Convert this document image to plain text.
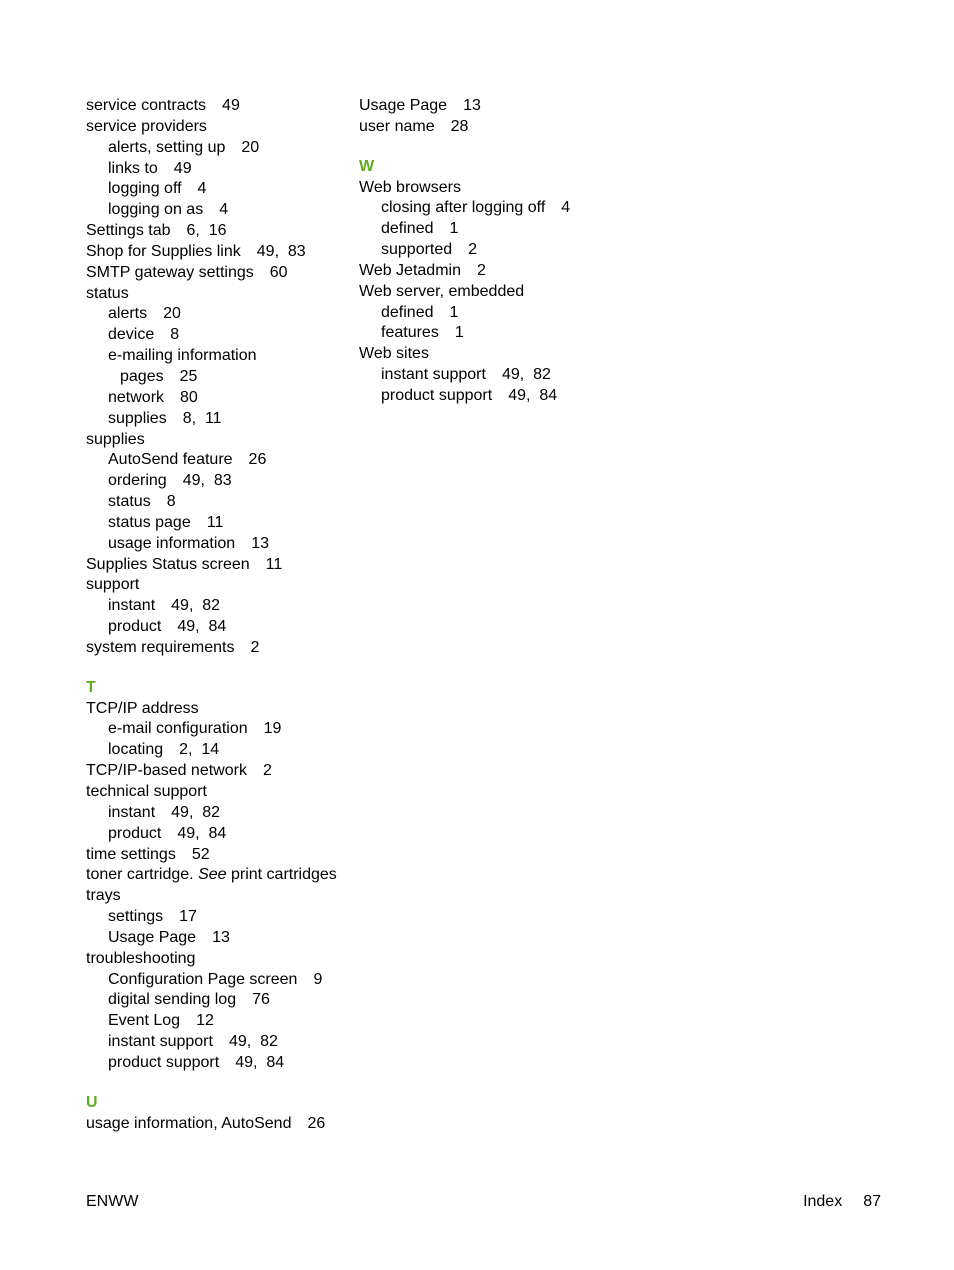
service contracts 49
service providers
alerts, setting up 20
links to 49
logging off 4
logging on as 4
Settings tab 6,  16
Shop for Supplies link 49,  83
SMTP gateway settings 60
status
alerts 20
device 8
e-mailing information
pages 25
network 80
supplies 8,  11
supplies
AutoSend feature 26
ordering 49,  83
status 8
status page 11
usage information 13
Supplies Status screen 11
support
instant 49,  82
product 49,  84
system requirements 2
T
TCP/IP address
e-mail configuration 19
locating 2,  14
TCP/IP-based network 2
technical support
instant 49,  82
product 49,  84
time settings 52
toner cartridge. See print cartridges
trays
settings 17
Usage Page 13
troubleshooting
Configuration Page screen 9
digital sending log 76
Event Log 12
instant support 49,  82
product support 49,  84
U
usage information, AutoSend 26
Usage Page 13
user name 28
W
Web browsers
closing after logging off 4
defined 1
supported 2
Web Jetadmin 2
Web server, embedded
defined 1
features 1
Web sites
instant support 49,  82
product support 49,  84
ENWW	Index 87
